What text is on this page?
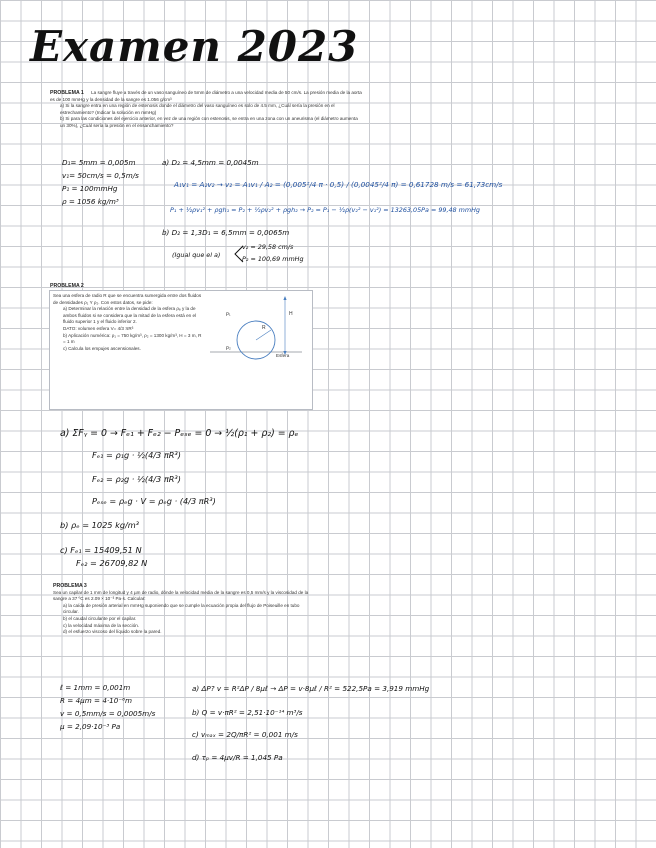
Examen 2023
PROBLEMA 1 La sangre fluye a través de un vaso sanguíneo de 5mm de diámetro a una velocidad media de 50 cm/s. La presión media de la aorta es de 100 mmHg y la densidad de la sangre es 1.056 g/cm³
a) Si la sangre entra en una región de estenosis donde el diámetro del vaso sanguíneo es solo de 4.5 mm, ¿Cuál sería la presión en el estrechamiento? (Indicar la solución en mmHg)
b) Si para las condiciones del ejercicio anterior, en vez de una región con estenosis, se entra en una zona con un aneurisma (el diámetro aumenta un 30%), ¿Cuál sería la presión en el ensanchamiento?
D₁= 5mm = 0,005m
v₁= 50cm/s = 0,5m/s
P₁ = 100mmHg
ρ = 1056 kg/m³
a) D₂ = 4,5mm = 0,0045m
A₁v₁ = A₂v₂ → v₂ = A₁v₁ / A₂ = (0,005²/4 π · 0,5) / (0,0045²/4 π) = 0,61728 m/s = 61,73cm/s
P₁ + ½ρv₁² + ρgh₁ = P₂ + ½ρv₂² + ρgh₂ → P₂ = P₁ − ½ρ(v₂² − v₁²) = 13263,05Pa = 99,48 mmHg
b) D₂ = 1,3D₁ = 6,5mm = 0,0065m
(Igual que el a)
v₂ = 29,58 cm/s
P₂ = 100,69 mmHg
PROBLEMA 2
Sea una esfera de radio R que se encuentra sumergida entre dos fluidos de densidades ρ₁ Y ρ₂. Con estos datos, se pide:
a) Determinar la relación entre la densidad de la esfera ρₑ y la de ambos fluidos si se considera que la mitad de la esfera está en el fluido superior 1 y el fluido inferior 2.
DATO: volumen esfera V= 4/3 πR³
b) Aplicación numérica: ρ₁ = 750 kg/m³, ρ₂ = 1300 kg/m³, H = 3 m, R = 1 m
c) Calcula los empujes ascensionales.
ρ₁
ρ₂
H
R
Esfera
a) ΣFᵧ = 0 → Fₑ₁ + Fₑ₂ − Pₑₛₑ = 0 → ½(ρ₁ + ρ₂) = ρₑ
Fₑ₁ = ρ₁g · ½(4/3 πR³)
Fₑ₂ = ρ₂g · ½(4/3 πR³)
Pₑₛₑ = ρₑg · V = ρₑg · (4/3 πR³)
b) ρₑ = 1025 kg/m³
c) Fₑ₁ = 15409,51 N
Fₑ₂ = 26709,82 N
PROBLEMA 3
Sea un capilar de 1 mm de longitud y 4 µm de radio, dónde la velocidad media de la sangre es 0,5 mm/s y la viscosidad de la sangre a 37 ºC es 2.09 × 10⁻³ Pa·s. Calcular:
a) la caída de presión arterial en mmHg suponiendo que se cumple la ecuación propia del flujo de Poiseuille en tubo circular.
b) el caudal circulante por el capilar.
c) la velocidad máxima de la sección.
d) el esfuerzo viscoso del líquido sobre la pared.
ℓ = 1mm = 0,001m
R = 4µm = 4·10⁻⁶m
v = 0,5mm/s = 0,0005m/s
µ = 2,09·10⁻³ Pa
a) ΔP? v = R²ΔP / 8µℓ → ΔP = v·8µℓ / R² = 522,5Pa = 3,919 mmHg
b) Q = v·πR² = 2,51·10⁻¹⁴ m³/s
c) vₘₐₓ = 2Q/πR² = 0,001 m/s
d) τₚ = 4µv/R = 1,045 Pa
